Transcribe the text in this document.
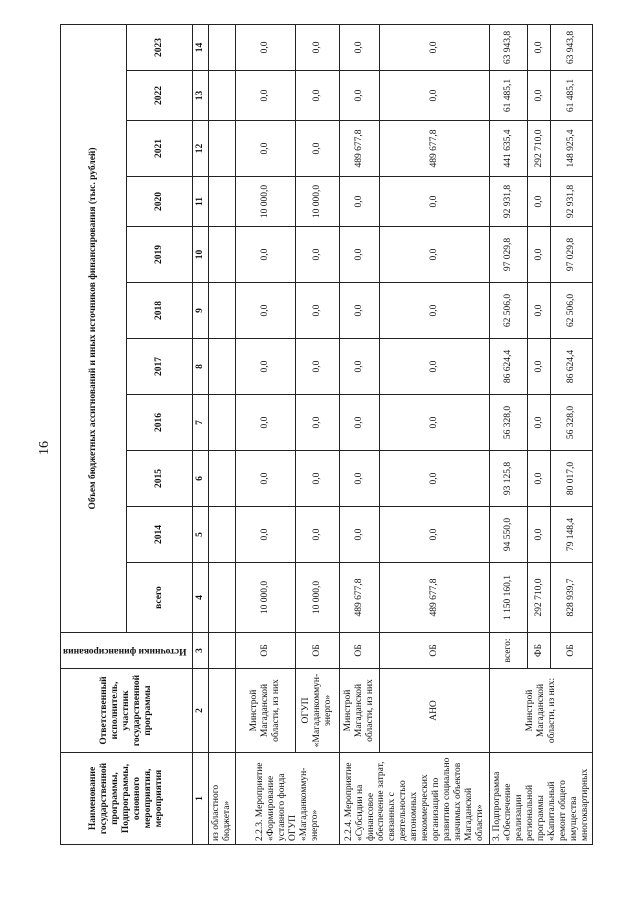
16
Наименование государственной программы, Подпрограммы, основного мероприятия, мероприятия	Ответственный исполнитель, участник государственной программы	Источники финансирования	Объем бюджетных ассигнований и иных источников финансирования (тыс. рублей)										
			всего	2014	2015	2016	2017	2018	2019	2020	2021	2022	2023
1	2	3	4	5	6	7	8	9	10	11	12	13	14
из областного бюджета»													
2.2.3. Мероприятие «Формирование уставного фонда ОГУП «Магаданкоммун-энерго»	Минстрой Магаданской области, из них	ОБ	10 000,0	0,0	0,0	0,0	0,0	0,0	0,0	10 000,0	0,0	0,0	0,0
	ОГУП «Магаданкоммун-энерго»	ОБ	10 000,0	0,0	0,0	0,0	0,0	0,0	0,0	10 000,0	0,0	0,0	0,0
2.2.4. Мероприятие «Субсидии на финансовое обеспечение затрат, связанных с деятельностью автономных некоммерческих организаций по развитию социально значимых объектов Магаданской области»	Минстрой Магаданской области, из них	ОБ	489 677,8	0,0	0,0	0,0	0,0	0,0	0,0	0,0	489 677,8	0,0	0,0
	АНО	ОБ	489 677,8	0,0	0,0	0,0	0,0	0,0	0,0	0,0	489 677,8	0,0	0,0
3. Подпрограмма «Обеспечение реализации региональной программы «Капитальный ремонт общего имущества многоквартирных	Минстрой Магаданской области, из них:	всего:	1 150 160,1	94 550,0	93 125,8	56 328,0	86 624,4	62 506,0	97 029,8	92 931,8	441 635,4	61 485,1	63 943,8
		ФБ	292 710,0	0,0	0,0	0,0	0,0	0,0	0,0	0,0	292 710,0	0,0	0,0
		ОБ	828 939,7	79 148,4	80 017,0	56 328,0	86 624,4	62 506,0	97 029,8	92 931,8	148 925,4	61 485,1	63 943,8
